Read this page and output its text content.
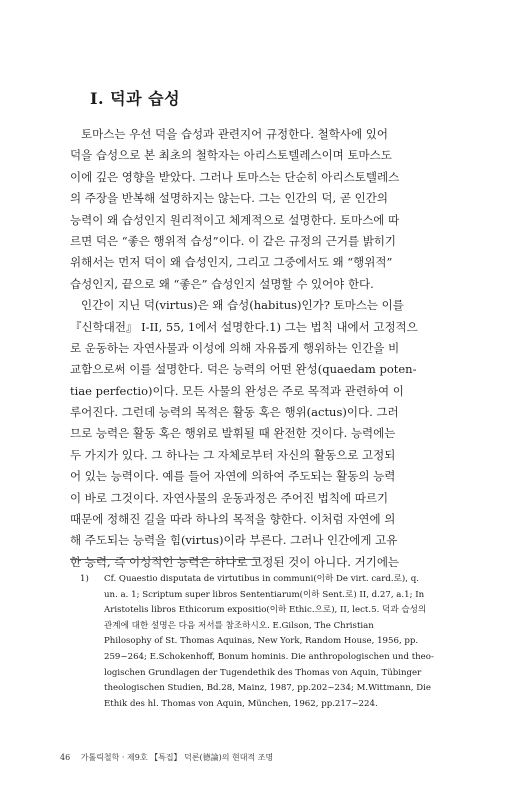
I. 덕과 습성
토마스는 우선 덕을 습성과 관련지어 규정한다. 철학사에 있어
덕을 습성으로 본 최초의 철학자는 아리스토텔레스이며 토마스도
이에 깊은 영향을 받았다. 그러나 토마스는 단순히 아리스토텔레스
의 주장을 반복해 설명하지는 않는다. 그는 인간의 덕, 곧 인간의
능력이 왜 습성인지 원리적이고 체계적으로 설명한다. 토마스에 따
르면 덕은 “좋은 행위적 습성”이다. 이 같은 규정의 근거를 밝히기
위해서는 먼저 덕이 왜 습성인지, 그리고 그중에서도 왜 “행위적”
습성인지, 끝으로 왜 “좋은” 습성인지 설명할 수 있어야 한다.
인간이 지닌 덕(virtus)은 왜 습성(habitus)인가? 토마스는 이를
『신학대전』 I-II, 55, 1에서 설명한다.1) 그는 법칙 내에서 고정적으
로 운동하는 자연사물과 이성에 의해 자유롭게 행위하는 인간을 비
교함으로써 이를 설명한다. 덕은 능력의 어떤 완성(quaedam poten-
tiae perfectio)이다. 모든 사물의 완성은 주로 목적과 관련하여 이
루어진다. 그런데 능력의 목적은 활동 혹은 행위(actus)이다. 그러
므로 능력은 활동 혹은 행위로 발휘될 때 완전한 것이다. 능력에는
두 가지가 있다. 그 하나는 그 자체로부터 자신의 활동으로 고정되
어 있는 능력이다. 예를 들어 자연에 의하여 주도되는 활동의 능력
이 바로 그것이다. 자연사물의 운동과정은 주어진 법칙에 따르기
때문에 정해진 길을 따라 하나의 목적을 향한다. 이처럼 자연에 의
해 주도되는 능력을 힘(virtus)이라 부른다. 그러나 인간에게 고유
한 능력, 즉 이성적인 능력은 하나로 고정된 것이 아니다. 거기에는
1) Cf. Quaestio disputata de virtutibus in communi(이하 De virt. card.로), q.
un. a. 1; Scriptum super libros Sententiarum(이하 Sent.로) II, d.27, a.1; In
Aristotelis libros Ethicorum expositio(이하 Ethic.으로), II, lect.5. 덕과 습성의
관계에 대한 설명은 다음 저서를 참조하시오. E.Gilson, The Christian
Philosophy of St. Thomas Aquinas, New York, Random House, 1956, pp.
259~264; E.Schokenhoff, Bonum hominis. Die anthropologischen und theo-
logischen Grundlagen der Tugendethik des Thomas von Aquin, Tübinger
theologischen Studien, Bd.28, Mainz, 1987, pp.202~234; M.Wittmann, Die
Ethik des hl. Thomas von Aquin, München, 1962, pp.217~224.
46 가톨릭철학 · 제9호 【특집】 덕론(德論)의 현대적 조명
